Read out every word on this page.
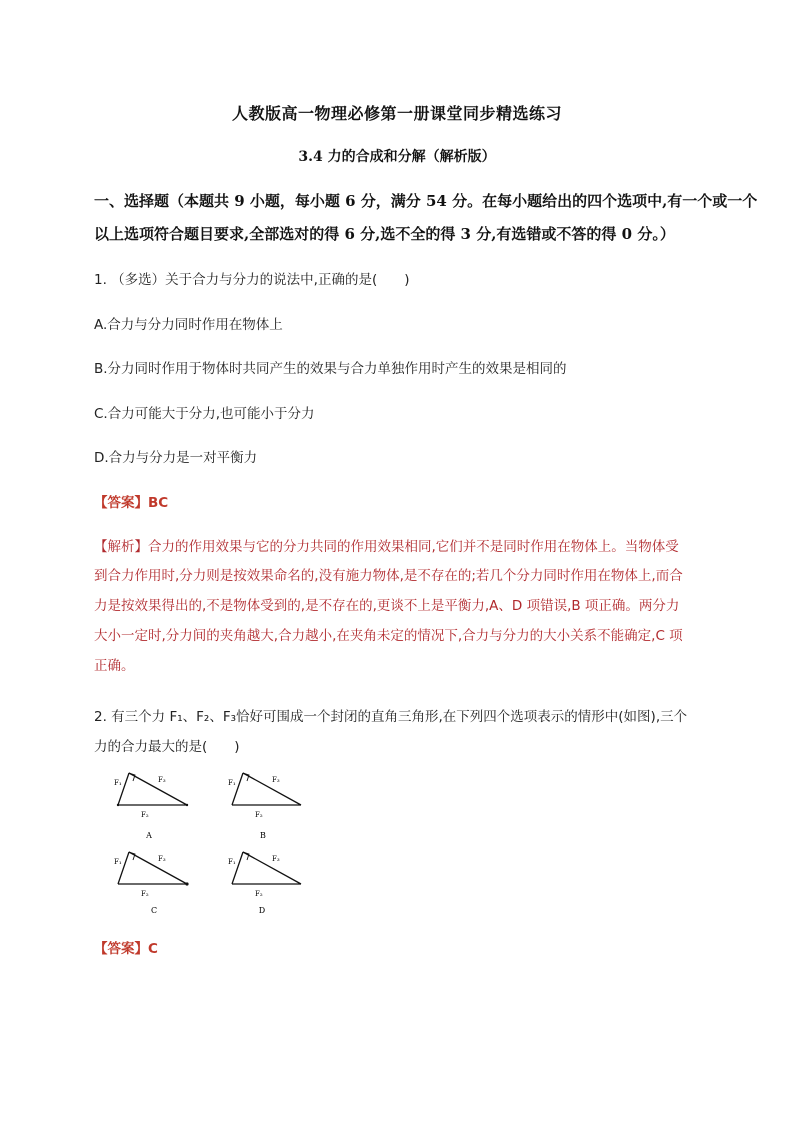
人教版高一物理必修第一册课堂同步精选练习
3.4 力的合成和分解（解析版）
一、选择题（本题共 9 小题，每小题 6 分，满分 54 分。在每小题给出的四个选项中,有一个或一个
以上选项符合题目要求,全部选对的得 6 分,选不全的得 3 分,有选错或不答的得 0 分。）
1. （多选）关于合力与分力的说法中,正确的是(　　)
A.合力与分力同时作用在物体上
B.分力同时作用于物体时共同产生的效果与合力单独作用时产生的效果是相同的
C.合力可能大于分力,也可能小于分力
D.合力与分力是一对平衡力
【答案】BC
【解析】合力的作用效果与它的分力共同的作用效果相同,它们并不是同时作用在物体上。当物体受
到合力作用时,分力则是按效果命名的,没有施力物体,是不存在的;若几个分力同时作用在物体上,而合
力是按效果得出的,不是物体受到的,是不存在的,更谈不上是平衡力,A、D 项错误,B 项正确。两分力
大小一定时,分力间的夹角越大,合力越小,在夹角未定的情况下,合力与分力的大小关系不能确定,C 项
正确。
2. 有三个力 F₁、F₂、F₃恰好可围成一个封闭的直角三角形,在下列四个选项表示的情形中(如图),三个
力的合力最大的是(　　)
F₁	F₃
F₂
A
F₁	F₃
F₂
B
F₁	F₃
F₂
C
F₁	F₃
F₂
D
【答案】C
